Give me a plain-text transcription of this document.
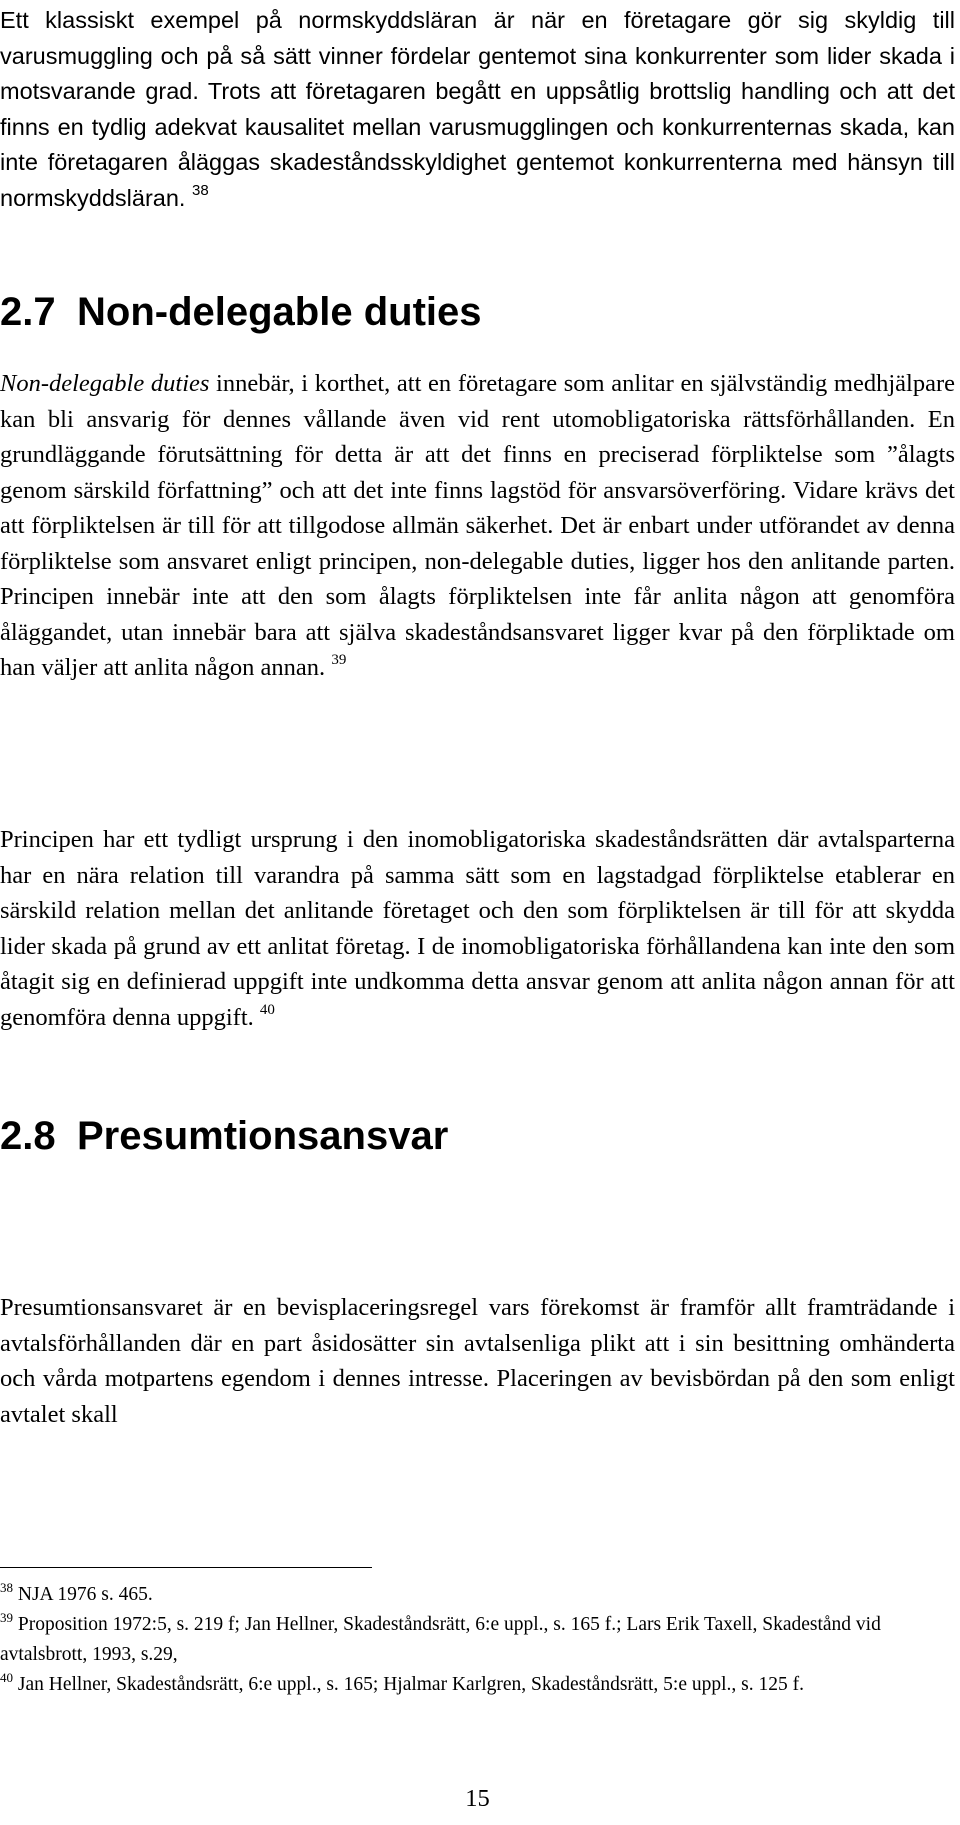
Ett klassiskt exempel på normskyddsläran är när en företagare gör sig skyldig till varusmuggling och på så sätt vinner fördelar gentemot sina konkurrenter som lider skada i motsvarande grad. Trots att företagaren begått en uppsåtlig brottslig handling och att det finns en tydlig adekvat kausalitet mellan varusmugglingen och konkurrenternas skada, kan inte företagaren åläggas skadeståndsskyldighet gentemot konkurrenterna med hänsyn till normskyddsläran. $^{38}$

2.7 Non-delegable duties

Non-delegable duties innebär, i korthet, att en företagare som anlitar en självständig medhjälpare kan bli ansvarig för dennes vållande även vid rent utomobligatoriska rättsförhållanden. En grundläggande förutsättning för detta är att det finns en preciserad förpliktelse som ”ålagts genom särskild författning” och att det inte finns lagstöd för ansvarsöverföring. Vidare krävs det att förpliktelsen är till för att tillgodose allmän säkerhet. Det är enbart under utförandet av denna förpliktelse som ansvaret enligt principen, non-delegable duties, ligger hos den anlitande parten. Principen innebär inte att den som ålagts förpliktelsen inte får anlita någon att genomföra åläggandet, utan innebär bara att själva skadeståndsansvaret ligger kvar på den förpliktade om han väljer att anlita någon annan. $^{39}$

Principen har ett tydligt ursprung i den inomobligatoriska skadeståndsrätten där avtalsparterna har en nära relation till varandra på samma sätt som en lagstadgad förpliktelse etablerar en särskild relation mellan det anlitande företaget och den som förpliktelsen är till för att skydda lider skada på grund av ett anlitat företag. I de inomobligatoriska förhållandena kan inte den som åtagit sig en definierad uppgift inte undkomma detta ansvar genom att anlita någon annan för att genomföra denna uppgift. $^{40}$

2.8 Presumtionsansvar

Presumtionsansvaret är en bevisplaceringsregel vars förekomst är framför allt framträdande i avtalsförhållanden där en part åsidosätter sin avtalsenliga plikt att i sin besittning omhänderta och vårda motpartens egendom i dennes intresse. Placeringen av bevisbördan på den som enligt avtalet skall

$^{38}$ NJA 1976 s. 465.

$^{39}$ Proposition 1972:5, s. 219 f; Jan Hellner, Skadeståndsrätt, 6:e uppl., s. 165 f.; Lars Erik Taxell, Skadestånd vid avtalsbrott, 1993, s.29,

$^{40}$ Jan Hellner, Skadeståndsrätt, 6:e uppl., s. 165; Hjalmar Karlgren, Skadeståndsrätt, 5:e uppl., s. 125 f.

15
